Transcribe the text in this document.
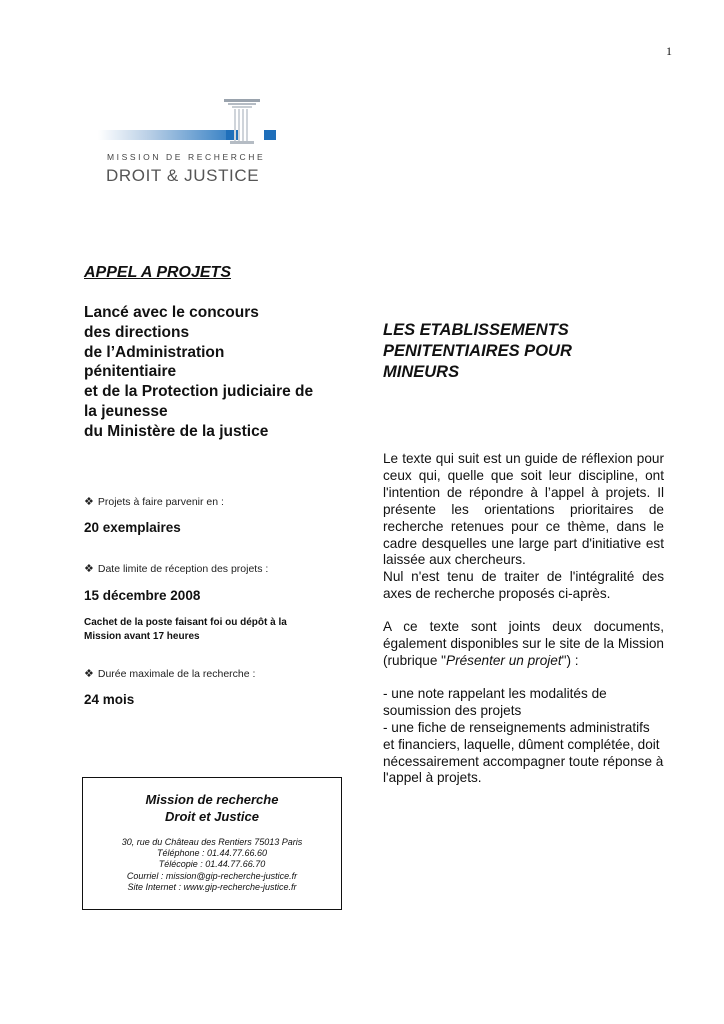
1
MISSION DE RECHERCHE
DROIT & JUSTICE
APPEL A PROJETS
Lancé avec le concours
des directions
de l’Administration
pénitentiaire
et de la Protection judiciaire de
la jeunesse
du Ministère de la justice
❖ Projets à faire parvenir en :
20 exemplaires
❖ Date limite de réception des projets :
15 décembre 2008
Cachet de la poste faisant foi ou dépôt à la
Mission avant 17 heures
❖ Durée maximale de la recherche :
24 mois
Mission de recherche
Droit et Justice
30, rue du Château des Rentiers 75013 Paris
Téléphone : 01.44.77.66.60
Télécopie : 01.44.77.66.70
Courriel : mission@gip-recherche-justice.fr
Site Internet : www.gip-recherche-justice.fr
LES ETABLISSEMENTS
PENITENTIAIRES POUR
MINEURS

Le texte qui suit est un guide de réflexion pour ceux qui, quelle que soit leur discipline, ont l'intention de répondre à l’appel à projets. Il présente les orientations prioritaires de recherche retenues pour ce thème, dans le cadre desquelles une large part d'initiative est laissée aux chercheurs.

Nul n'est tenu de traiter de l'intégralité des axes de recherche proposés ci-après.

A ce texte sont joints deux documents, également disponibles sur le site de la Mission (rubrique "Présenter un projet") :

- une note rappelant les modalités de soumission des projets

- une fiche de renseignements administratifs et financiers, laquelle, dûment complétée, doit nécessairement accompagner toute réponse à l'appel à projets.
